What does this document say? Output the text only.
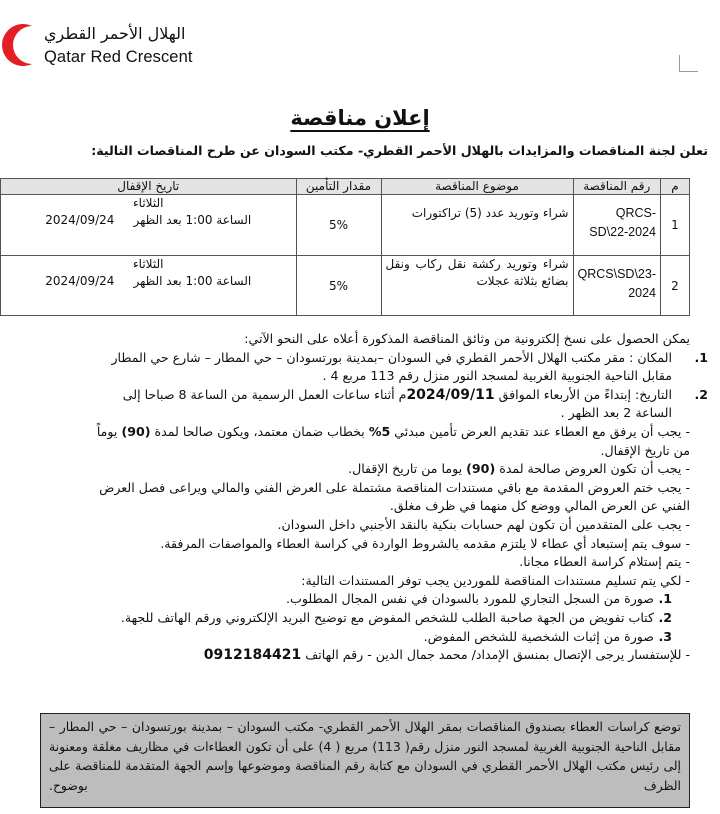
الهلال الأحمر القطري
Qatar Red Crescent
إعلان مناقصة
تعلن لجنة المناقصات والمزايدات بالهلال الأحمر القطري- مكتب السودان عن طرح المناقصات التالية:
م	رقم المناقصة	موضوع المناقصة	مقدار التأمين	تاريخ الإقفال
1	QRCS-SD\22-2024	شراء وتوريد عدد (5) تراكتورات	5%	الثلاثاء
الساعة 1:00 بعد الظهر     2024/09/24

2	QRCS\SD\23-2024	شراء وتوريد ركشة نقل ركاب ونقل بضائع بثلاثة عجلات	5%	الثلاثاء
الساعة 1:00 بعد الظهر     2024/09/24

يمكن الحصول على نسخ إلكترونية من وثائق المناقصة المذكورة أعلاه على النحو الآتي:

1. المكان : مقر مكتب الهلال الأحمر القطري في السودان –بمدينة بورتسودان – حي المطار – شارع حي المطار

مقابل الناحية الجنوبية الغربية لمسجد النور منزل رقم 113 مربع 4 .

2. التاريخ: إبتداءً من الأربعاء الموافق 2024/09/11م أثناء ساعات العمل الرسمية من الساعة 8 صباحا إلى

الساعة 2 بعد الظهر .

- يجب أن يرفق مع العطاء عند تقديم العرض تأمين مبدئي 5% بخطاب ضمان معتمد، ويكون صالحا لمدة (90) يوماً

من تاريخ الإقفال.

- يجب أن تكون العروض صالحة لمدة (90) يوما من تاريخ الإقفال.

- يجب ختم العروض المقدمة مع باقي مستندات المناقصة مشتملة على العرض الفني والمالي ويراعى فصل العرض

الفني عن العرض المالي ووضع كل منهما في ظرف مغلق.

- يجب على المتقدمين أن تكون لهم حسابات بنكية بالنقد الأجنبي داخل السودان.

- سوف يتم إستبعاد أي عطاء لا يلتزم مقدمه بالشروط الواردة في كراسة العطاء والمواصفات المرفقة.

- يتم إستلام كراسة العطاء مجانا.

- لكي يتم تسليم مستندات المناقصة للموردين يجب توفر المستندات التالية:

1. صورة من السجل التجاري للمورد بالسودان في نفس المجال المطلوب.

2. كتاب تفويض من الجهة صاحبة الطلب للشخص المفوض مع توضيح البريد الإلكتروني ورقم الهاتف للجهة.

3. صورة من إثبات الشخصية للشخص المفوض.

- للإستفسار يرجى الإتصال بمنسق الإمداد/ محمد جمال الدين - رقم الهاتف 0912184421

توضع كراسات العطاء بصندوق المناقصات بمقر الهلال الأحمر القطري- مكتب السودان – بمدينة بورتسودان – حي المطار – مقابل الناحية الجنوبية الغربية لمسجد النور منزل رقم( 113) مربع ( 4) على أن تكون العطاءات في مظاريف مغلقة ومعنونة إلى رئيس مكتب الهلال الأحمر القطري في السودان مع كتابة رقم المناقصة وموضوعها وإسم الجهة المتقدمة للمناقصة على الظرف بوضوح.
